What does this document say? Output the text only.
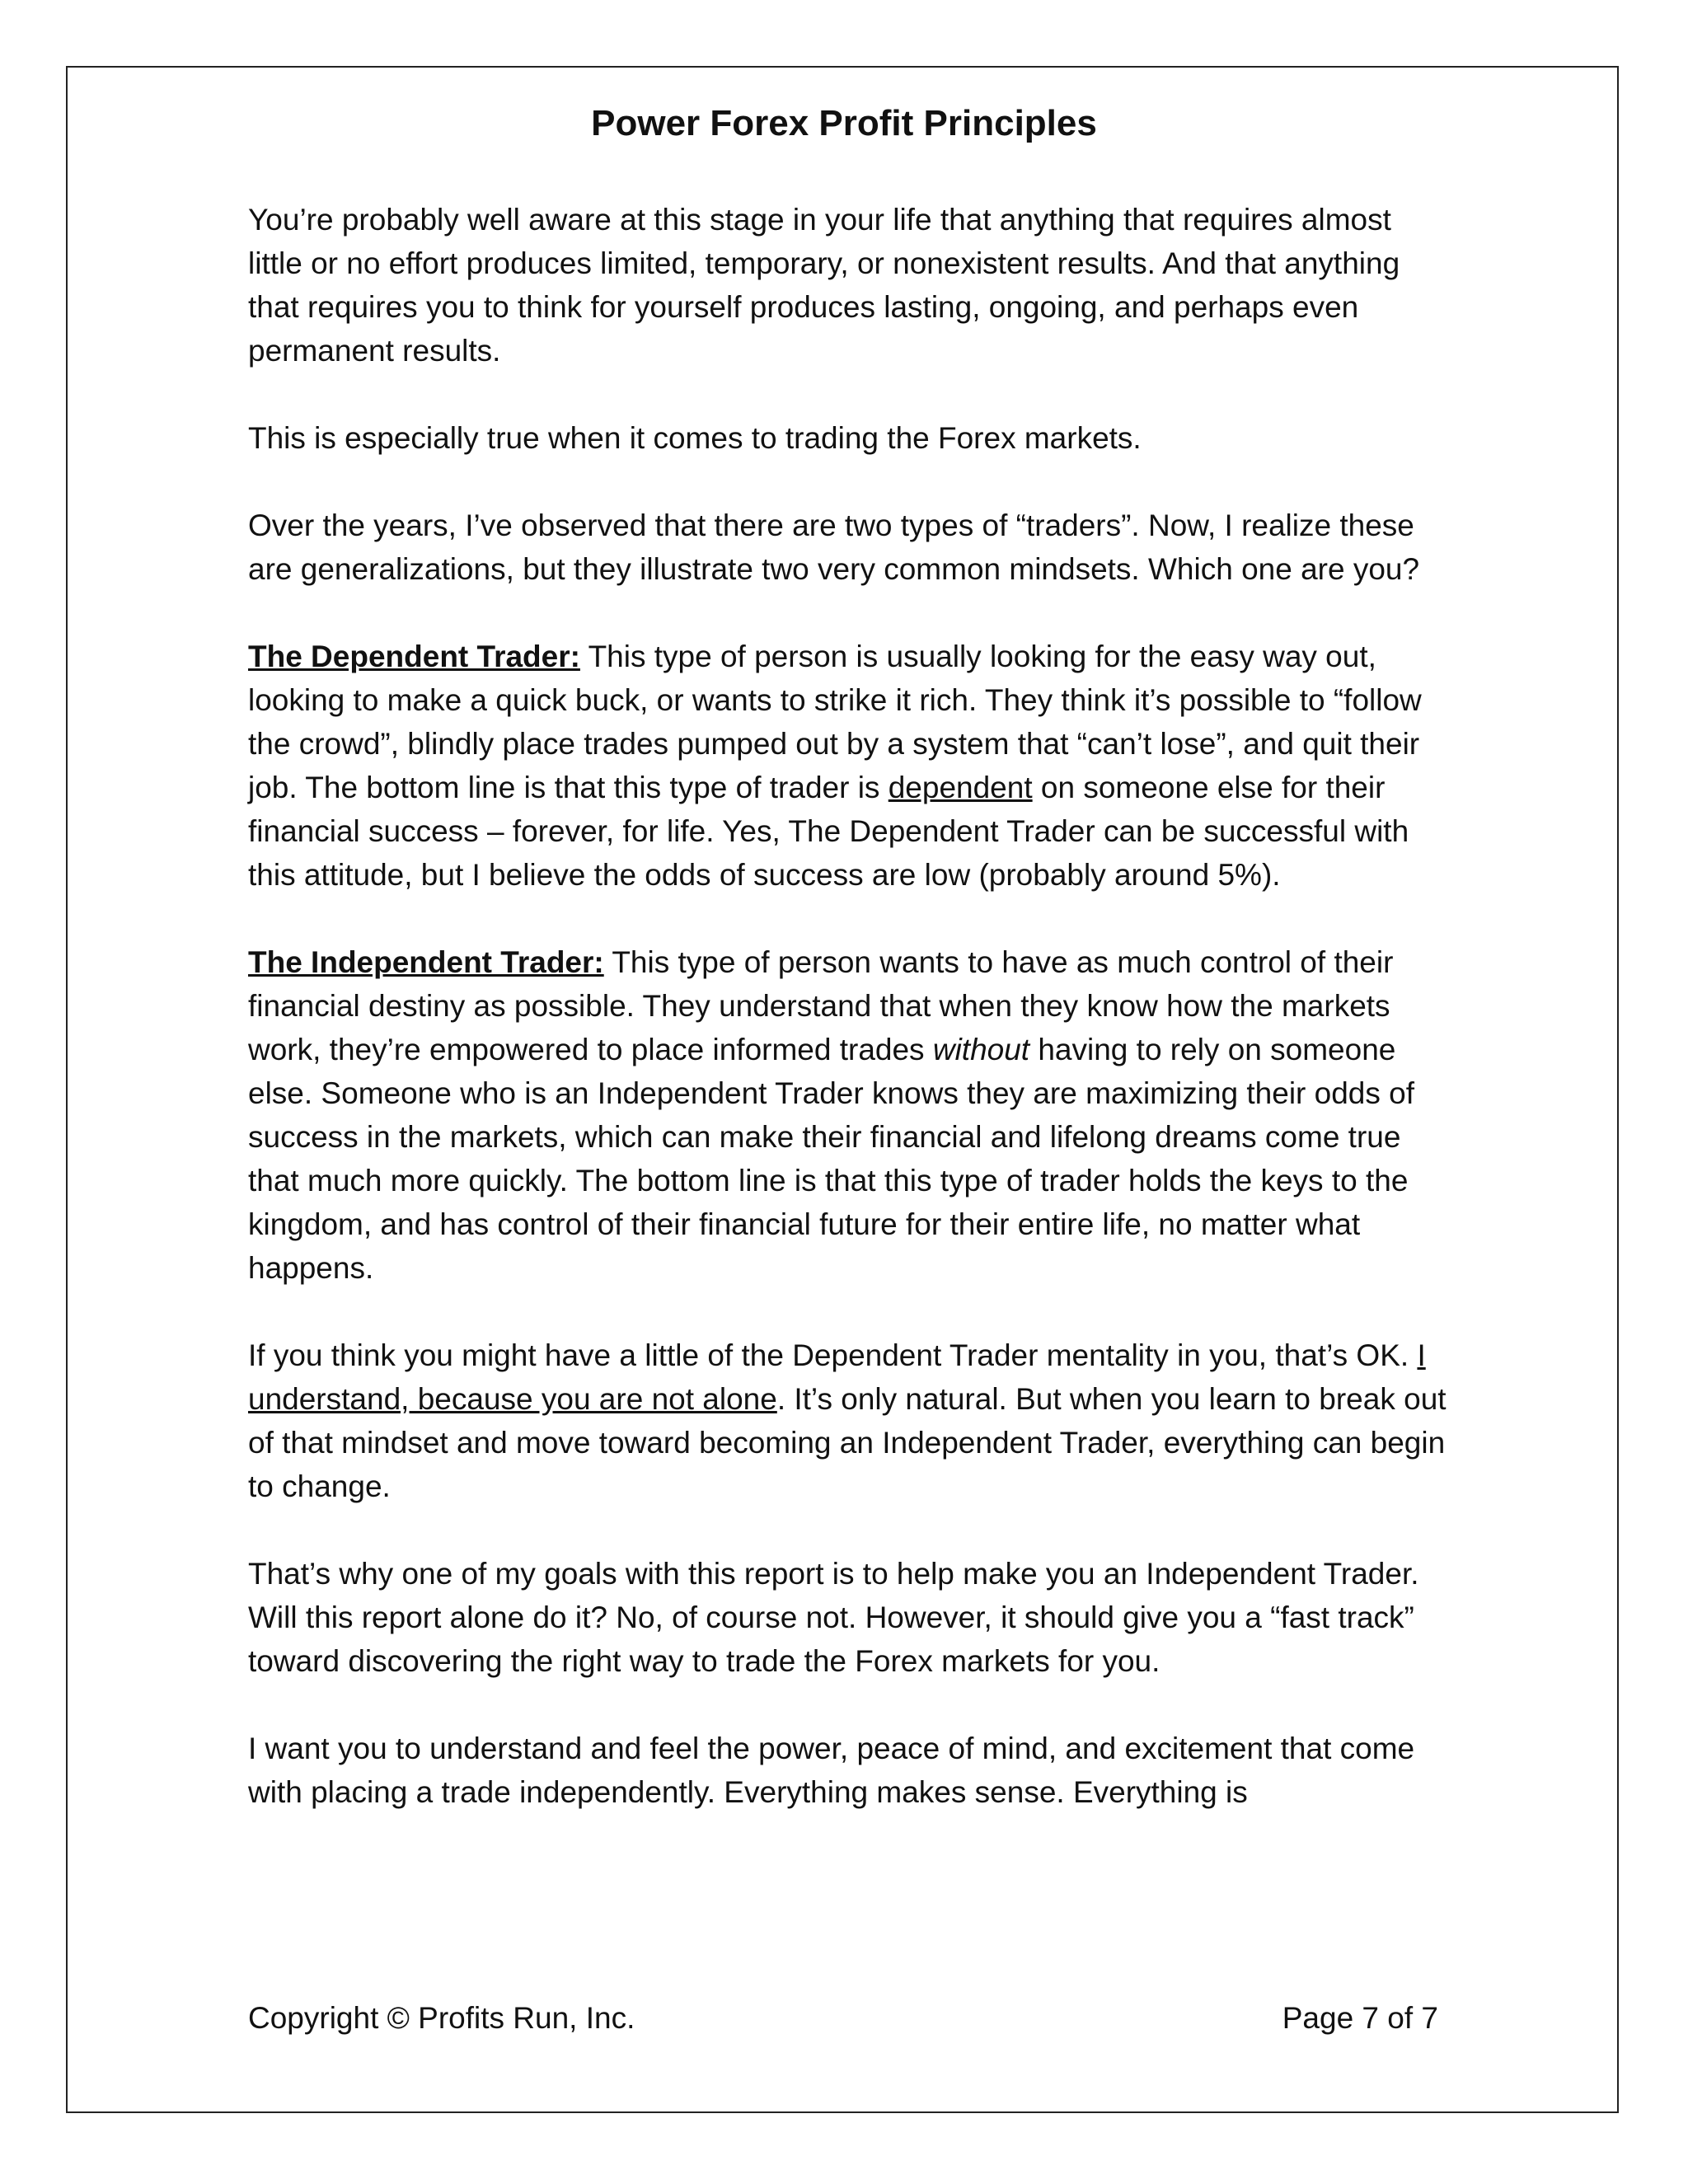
Power Forex Profit Principles

You’re probably well aware at this stage in your life that anything that requires almost little or no effort produces limited, temporary, or nonexistent results. And that anything that requires you to think for yourself produces lasting, ongoing, and perhaps even permanent results.

This is especially true when it comes to trading the Forex markets.

Over the years, I’ve observed that there are two types of “traders”. Now, I realize these are generalizations, but they illustrate two very common mindsets. Which one are you?

The Dependent Trader: This type of person is usually looking for the easy way out, looking to make a quick buck, or wants to strike it rich. They think it’s possible to “follow the crowd”, blindly place trades pumped out by a system that “can’t lose”, and quit their job. The bottom line is that this type of trader is dependent on someone else for their financial success – forever, for life. Yes, The Dependent Trader can be successful with this attitude, but I believe the odds of success are low (probably around 5%).

The Independent Trader: This type of person wants to have as much control of their financial destiny as possible. They understand that when they know how the markets work, they’re empowered to place informed trades without having to rely on someone else. Someone who is an Independent Trader knows they are maximizing their odds of success in the markets, which can make their financial and lifelong dreams come true that much more quickly. The bottom line is that this type of trader holds the keys to the kingdom, and has control of their financial future for their entire life, no matter what happens.

If you think you might have a little of the Dependent Trader mentality in you, that’s OK. I understand, because you are not alone. It’s only natural. But when you learn to break out of that mindset and move toward becoming an Independent Trader, everything can begin to change.

That’s why one of my goals with this report is to help make you an Independent Trader. Will this report alone do it? No, of course not. However, it should give you a “fast track” toward discovering the right way to trade the Forex markets for you.

I want you to understand and feel the power, peace of mind, and excitement that come with placing a trade independently. Everything makes sense. Everything is

Copyright © Profits Run, Inc.	Page 7 of 7
